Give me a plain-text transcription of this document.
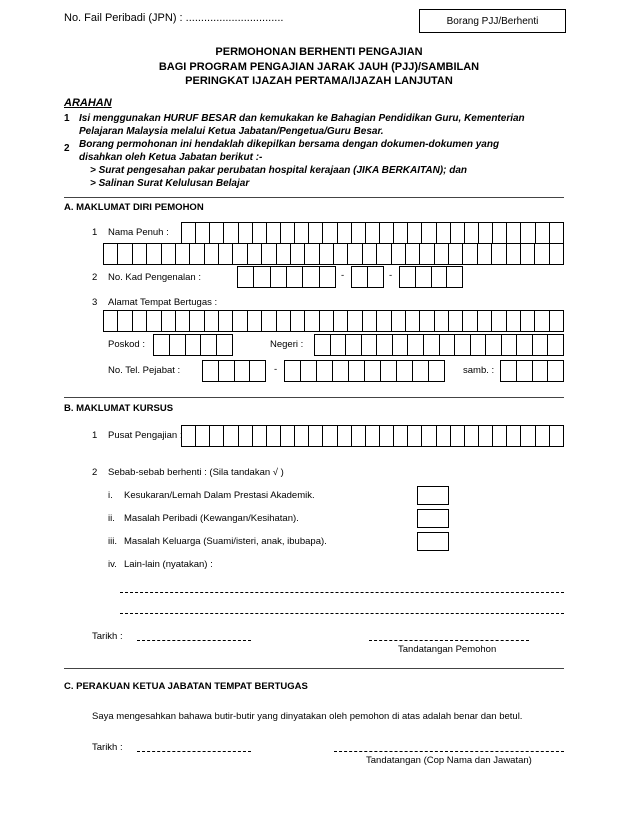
No. Fail Peribadi (JPN) : ................................	Borang PJJ/Berhenti
PERMOHONAN BERHENTI PENGAJIAN
BAGI PROGRAM PENGAJIAN JARAK JAUH (PJJ)/SAMBILAN
PERINGKAT IJAZAH PERTAMA/IJAZAH LANJUTAN
ARAHAN
1 Isi menggunakan HURUF BESAR dan kemukakan ke Bahagian Pendidikan Guru, Kementerian
Pelajaran Malaysia melalui Ketua Jabatan/Pengetua/Guru Besar.
2 Borang permohonan ini hendaklah dikepilkan bersama dengan dokumen-dokumen yang
disahkan oleh Ketua Jabatan berikut :-
> Surat pengesahan pakar perubatan hospital kerajaan (JIKA BERKAITAN); dan
> Salinan Surat Kelulusan Belajar
A. MAKLUMAT DIRI PEMOHON
1 Nama Penuh :
2 No. Kad Pengenalan :	-	-
3 Alamat Tempat Bertugas :
Poskod :	Negeri :
No. Tel. Pejabat :	-	samb. :
B. MAKLUMAT KURSUS
1 Pusat Pengajian :
2 Sebab-sebab berhenti : (Sila tandakan √ )
i. Kesukaran/Lemah Dalam Prestasi Akademik.
ii. Masalah Peribadi (Kewangan/Kesihatan).
iii. Masalah Keluarga (Suami/isteri, anak, ibubapa).
iv. Lain-lain (nyatakan) :
Tarikh :
Tandatangan Pemohon
C. PERAKUAN KETUA JABATAN TEMPAT BERTUGAS
Saya mengesahkan bahawa butir-butir yang dinyatakan oleh pemohon di atas adalah benar dan betul.
Tarikh :
Tandatangan (Cop Nama dan Jawatan)
